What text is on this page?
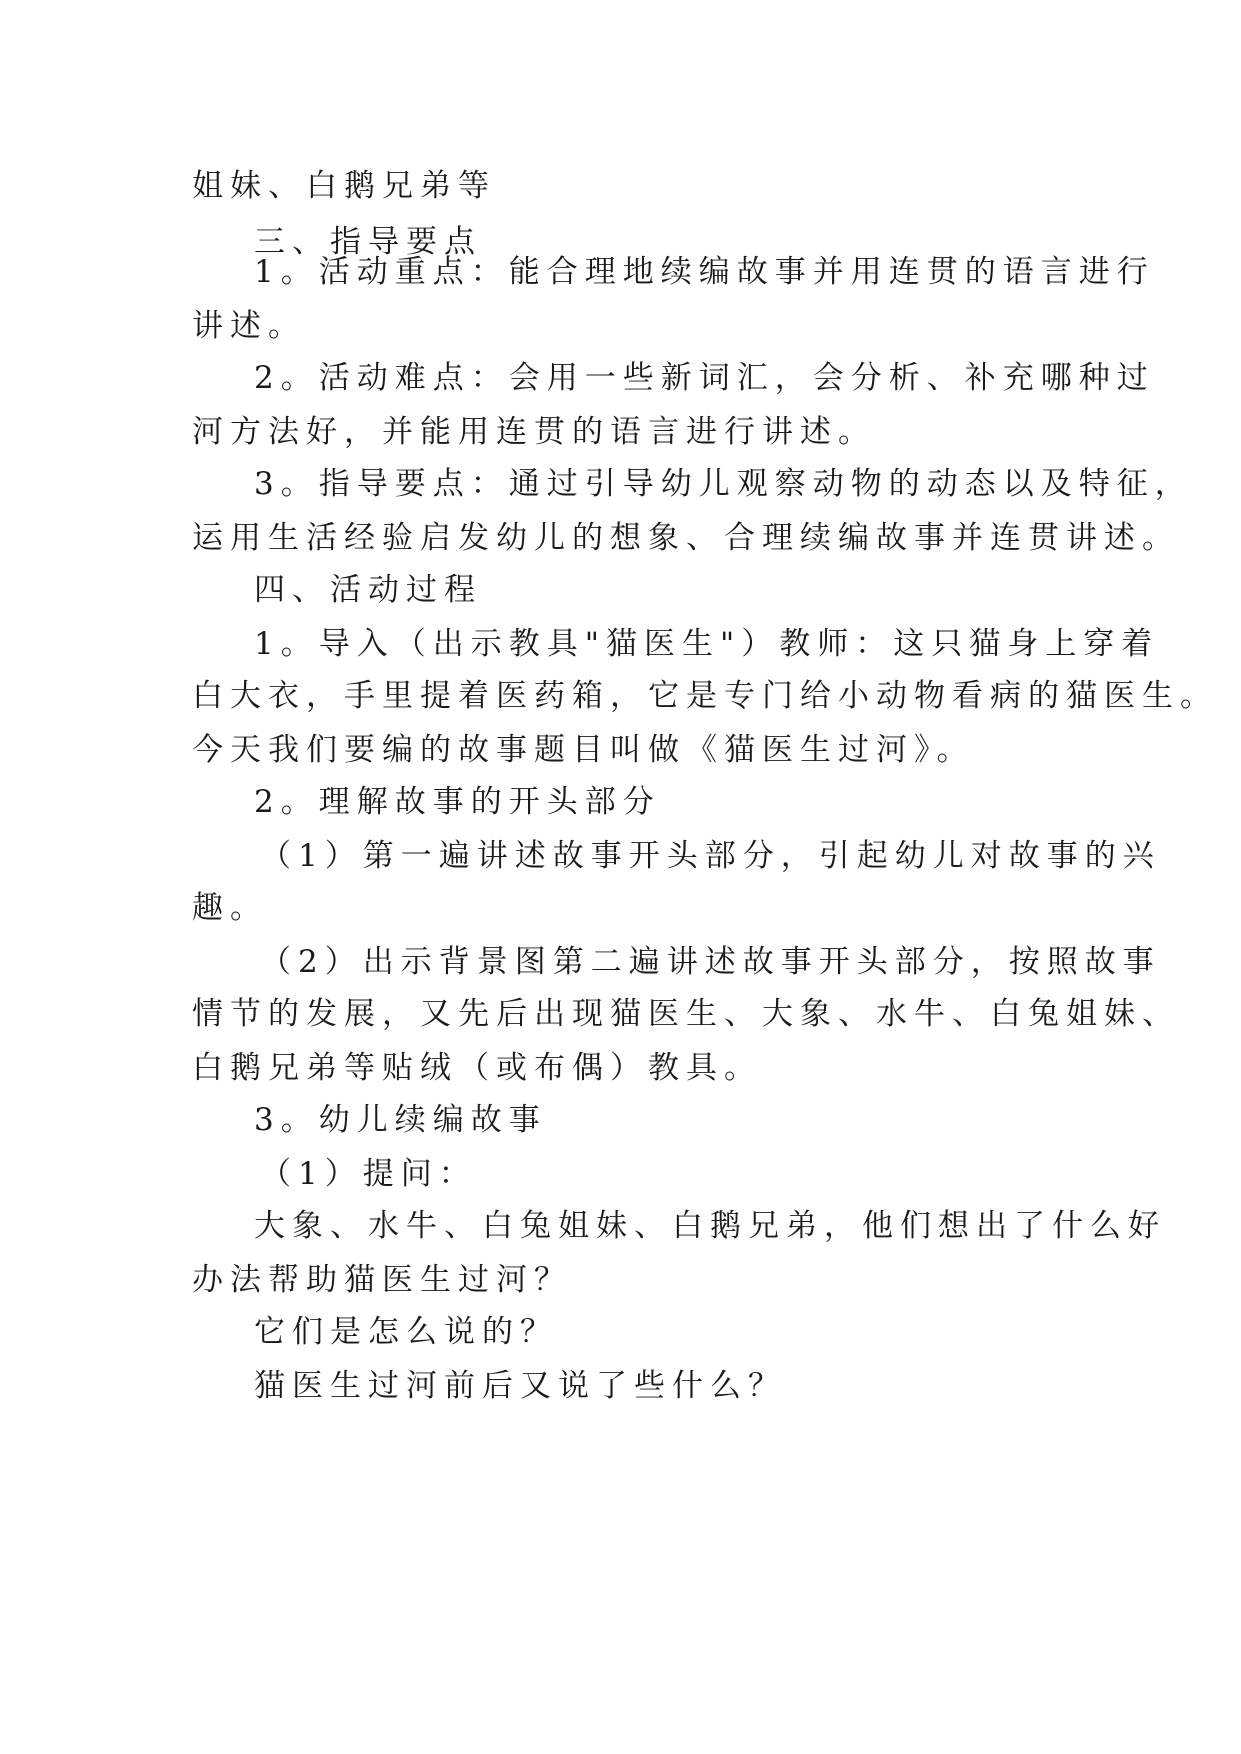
姐妹、白鹅兄弟等
三、指导要点
1。活动重点：能合理地续编故事并用连贯的语言进行
讲述。
2。活动难点：会用一些新词汇，会分析、补充哪种过
河方法好，并能用连贯的语言进行讲述。
3。指导要点：通过引导幼儿观察动物的动态以及特征，
运用生活经验启发幼儿的想象、合理续编故事并连贯讲述。
四、活动过程
1。导入（出示教具"猫医生"）教师：这只猫身上穿着
白大衣，手里提着医药箱，它是专门给小动物看病的猫医生。
今天我们要编的故事题目叫做《猫医生过河》。
2。理解故事的开头部分
（1）第一遍讲述故事开头部分，引起幼儿对故事的兴
趣。
（2）出示背景图第二遍讲述故事开头部分，按照故事
情节的发展，又先后出现猫医生、大象、水牛、白兔姐妹、
白鹅兄弟等贴绒（或布偶）教具。
3。幼儿续编故事
（1）提问：
大象、水牛、白兔姐妹、白鹅兄弟，他们想出了什么好
办法帮助猫医生过河？
它们是怎么说的？
猫医生过河前后又说了些什么？
